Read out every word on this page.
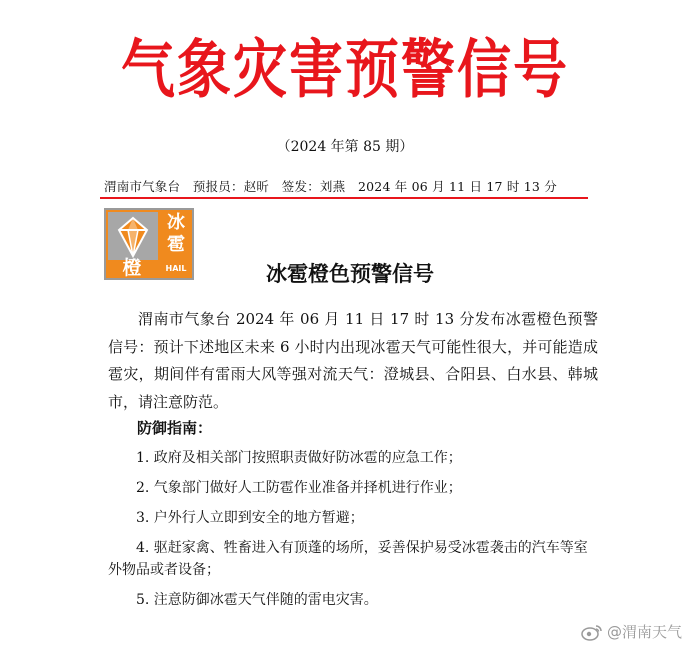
气象灾害预警信号
（2024 年第 85 期）
渭南市气象台　预报员：赵昕　签发：刘燕　2024 年 06 月 11 日 17 时 13 分
冰
雹
橙	HAIL	冰雹橙色预警信号
渭南市气象台 2024 年 06 月 11 日 17 时 13 分发布冰雹橙色预警信号：预计下述地区未来 6 小时内出现冰雹天气可能性很大，并可能造成雹灾，期间伴有雷雨大风等强对流天气：澄城县、合阳县、白水县、韩城市，请注意防范。
防御指南：
1. 政府及相关部门按照职责做好防冰雹的应急工作；
2. 气象部门做好人工防雹作业准备并择机进行作业；
3. 户外行人立即到安全的地方暂避；
4. 驱赶家禽、牲畜进入有顶蓬的场所，妥善保护易受冰雹袭击的汽车等室外物品或者设备；
5. 注意防御冰雹天气伴随的雷电灾害。
@渭南天气
